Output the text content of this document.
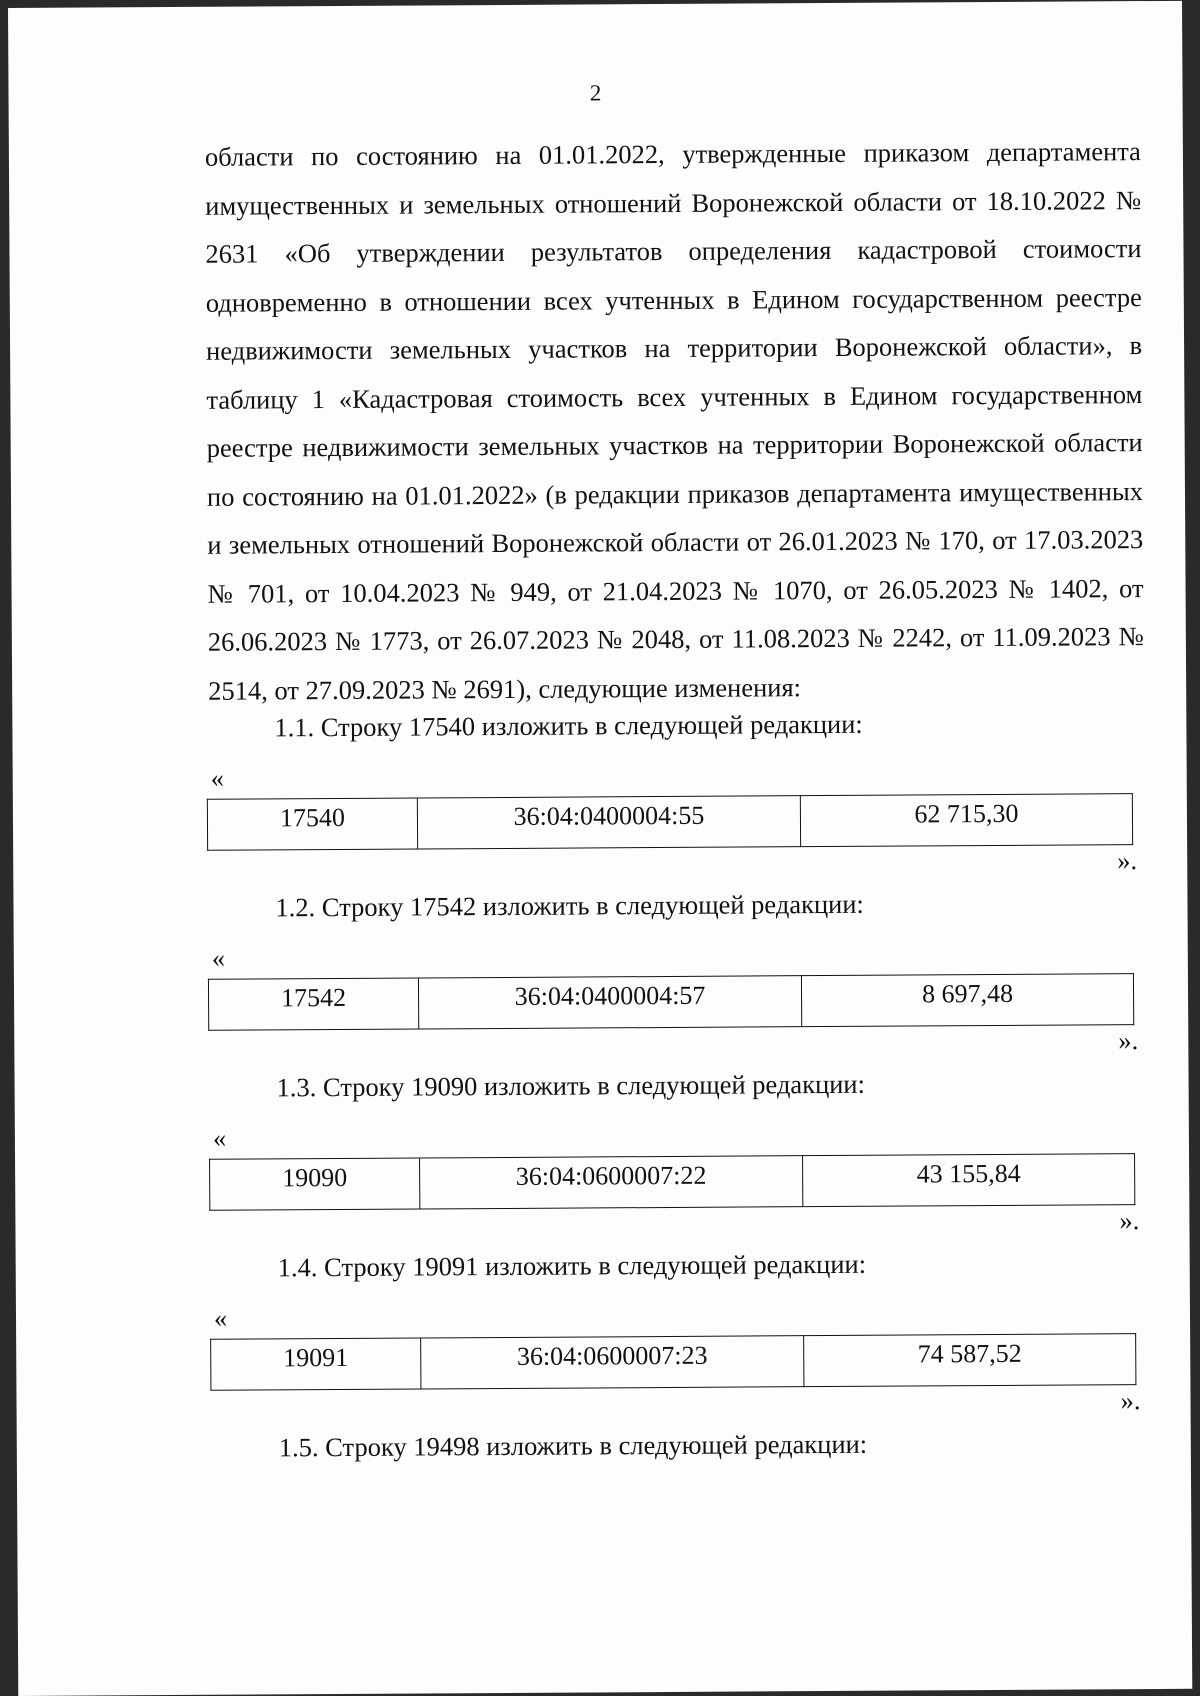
2

области по состоянию на 01.01.2022, утвержденные приказом департамента имущественных и земельных отношений Воронежской области от 18.10.2022 № 2631 «Об утверждении результатов определения кадастровой стоимости одновременно в отношении всех учтенных в Едином государственном реестре недвижимости земельных участков на территории Воронежской области», в таблицу 1 «Кадастровая стоимость всех учтенных в Едином государственном реестре недвижимости земельных участков на территории Воронежской области по состоянию на 01.01.2022» (в редакции приказов департамента имущественных и земельных отношений Воронежской области от 26.01.2023 № 170, от 17.03.2023 № 701, от 10.04.2023 № 949, от 21.04.2023 № 1070, от 26.05.2023 № 1402, от 26.06.2023 № 1773, от 26.07.2023 № 2048, от 11.08.2023 № 2242, от 11.09.2023 № 2514, от 27.09.2023 № 2691), следующие изменения:

1.1. Строку 17540 изложить в следующей редакции:
«
17540	36:04:0400004:55	62 715,30
».
1.2. Строку 17542 изложить в следующей редакции:
«
17542	36:04:0400004:57	8 697,48
».
1.3. Строку 19090 изложить в следующей редакции:
«
19090	36:04:0600007:22	43 155,84
».
1.4. Строку 19091 изложить в следующей редакции:
«
19091	36:04:0600007:23	74 587,52
».
1.5. Строку 19498 изложить в следующей редакции:
